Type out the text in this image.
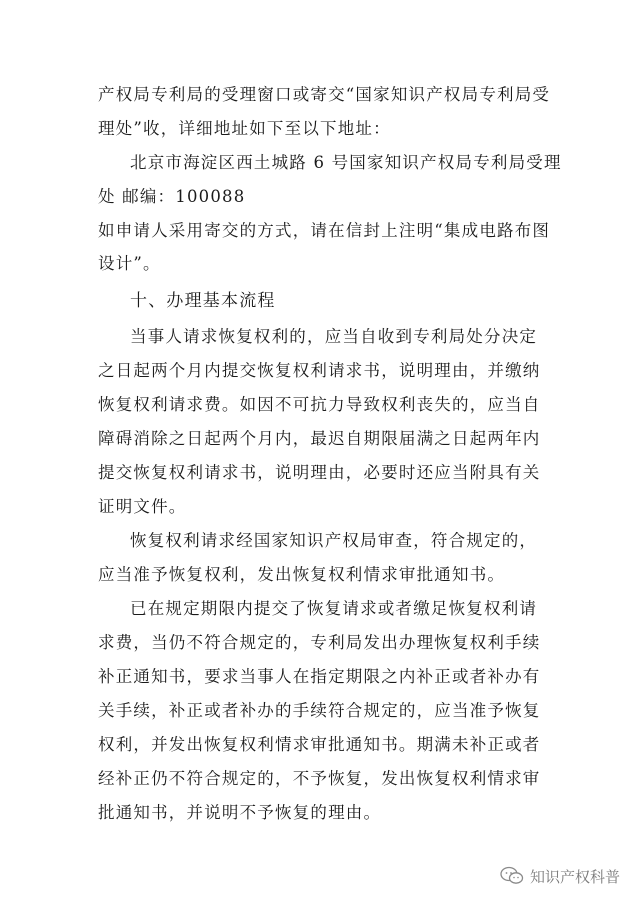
产权局专利局的受理窗口或寄交“国家知识产权局专利局受

理处”收，详细地址如下至以下地址：

北京市海淀区西土城路 6 号国家知识产权局专利局受理

处 邮编：100088

如申请人采用寄交的方式，请在信封上注明“集成电路布图

设计”。

十、办理基本流程

当事人请求恢复权利的，应当自收到专利局处分决定

之日起两个月内提交恢复权利请求书，说明理由，并缴纳

恢复权利请求费。如因不可抗力导致权利丧失的，应当自

障碍消除之日起两个月内，最迟自期限届满之日起两年内

提交恢复权利请求书，说明理由，必要时还应当附具有关

证明文件。

恢复权利请求经国家知识产权局审查，符合规定的，

应当准予恢复权利，发出恢复权利情求审批通知书。

已在规定期限内提交了恢复请求或者缴足恢复权利请

求费，当仍不符合规定的，专利局发出办理恢复权利手续

补正通知书，要求当事人在指定期限之内补正或者补办有

关手续，补正或者补办的手续符合规定的，应当准予恢复

权利，并发出恢复权利情求审批通知书。期满未补正或者

经补正仍不符合规定的，不予恢复，发出恢复权利情求审

批通知书，并说明不予恢复的理由。

知识产权科普
